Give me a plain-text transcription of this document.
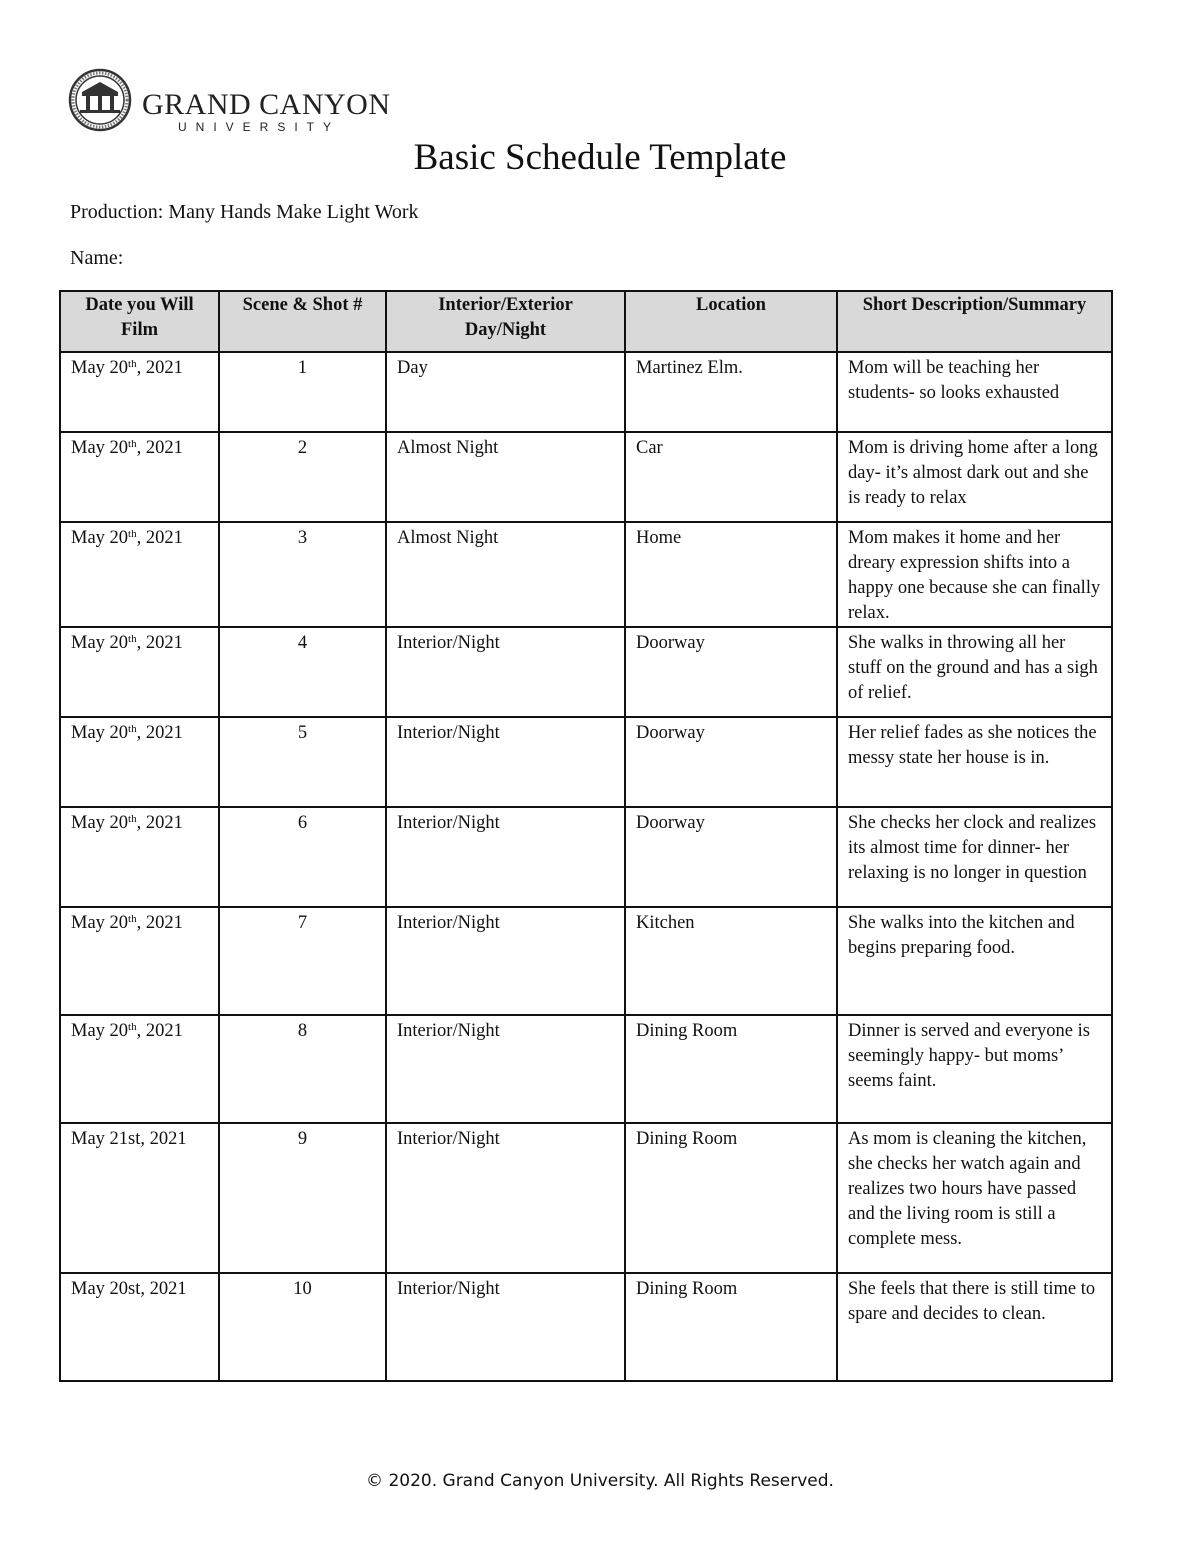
GRAND CANYON
UNIVERSITY
Basic Schedule Template
Production: Many Hands Make Light Work
Name:
Date you Will Film	Scene & Shot #	Interior/Exterior Day/Night	Location	Short Description/Summary
May 20th, 2021	1	Day	Martinez Elm.	Mom will be teaching her students- so looks exhausted
May 20th, 2021	2	Almost Night	Car	Mom is driving home after a long day- it’s almost dark out and she is ready to relax
May 20th, 2021	3	Almost Night	Home	Mom makes it home and her dreary expression shifts into a happy one because she can finally relax.
May 20th, 2021	4	Interior/Night	Doorway	She walks in throwing all her stuff on the ground and has a sigh of relief.
May 20th, 2021	5	Interior/Night	Doorway	Her relief fades as she notices the messy state her house is in.
May 20th, 2021	6	Interior/Night	Doorway	She checks her clock and realizes its almost time for dinner- her relaxing is no longer in question
May 20th, 2021	7	Interior/Night	Kitchen	She walks into the kitchen and begins preparing food.
May 20th, 2021	8	Interior/Night	Dining Room	Dinner is served and everyone is seemingly happy- but moms’ seems faint.
May 21st, 2021	9	Interior/Night	Dining Room	As mom is cleaning the kitchen, she checks her watch again and realizes two hours have passed and the living room is still a complete mess.
May 20st, 2021	10	Interior/Night	Dining Room	She feels that there is still time to spare and decides to clean.
© 2020. Grand Canyon University. All Rights Reserved.
